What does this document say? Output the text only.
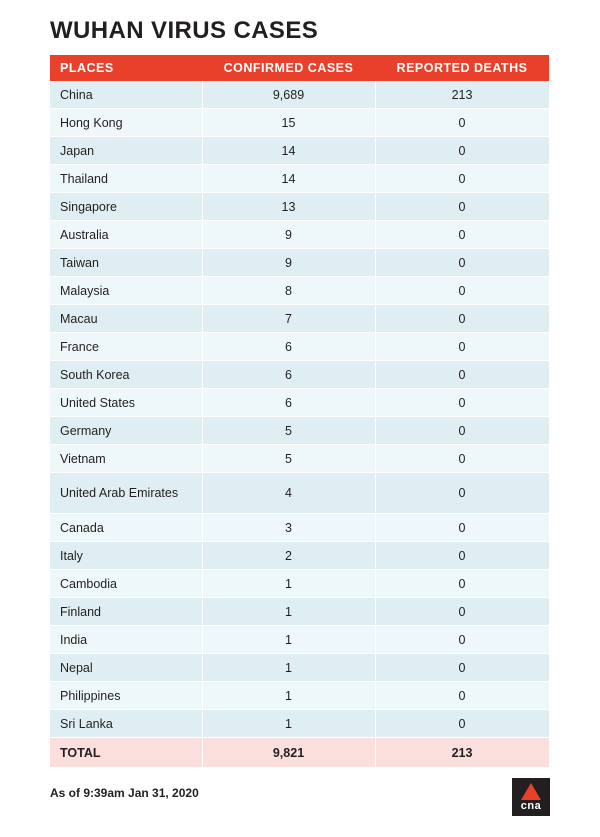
WUHAN VIRUS CASES
PLACES	CONFIRMED CASES	REPORTED DEATHS
China	9,689	213
Hong Kong	15	0
Japan	14	0
Thailand	14	0
Singapore	13	0
Australia	9	0
Taiwan	9	0
Malaysia	8	0
Macau	7	0
France	6	0
South Korea	6	0
United States	6	0
Germany	5	0
Vietnam	5	0
United Arab Emirates	4	0
Canada	3	0
Italy	2	0
Cambodia	1	0
Finland	1	0
India	1	0
Nepal	1	0
Philippines	1	0
Sri Lanka	1	0
TOTAL	9,821	213
As of 9:39am Jan 31, 2020
cna
